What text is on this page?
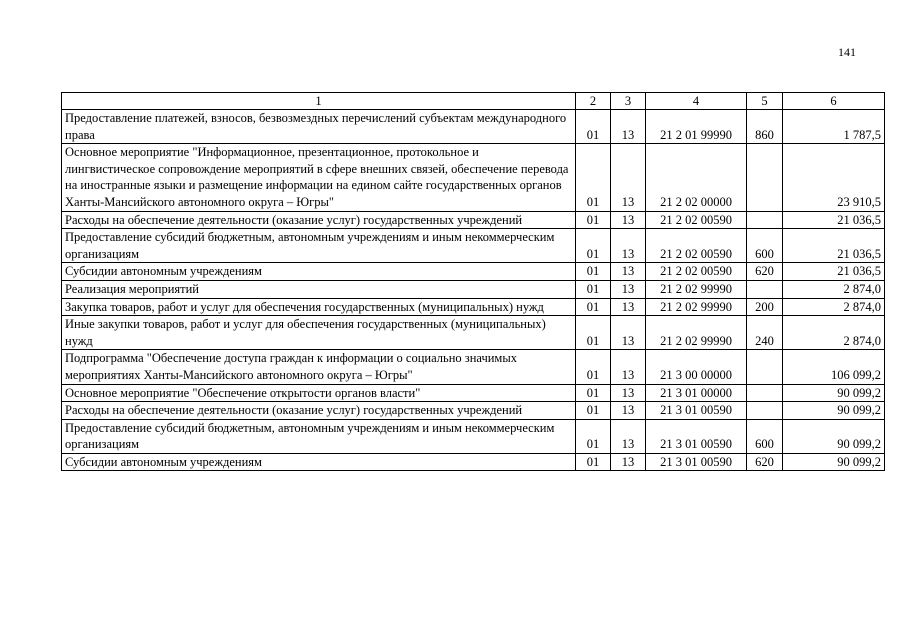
141
1	2	3	4	5	6
Предоставление платежей, взносов, безвозмездных перечислений субъектам международного права	01	13	21 2 01 99990	860	1 787,5
Основное мероприятие "Информационное, презентационное, протокольное и лингвистическое сопровождение мероприятий в сфере внешних связей, обеспечение перевода на иностранные языки и размещение информации на едином сайте государственных органов Ханты-Мансийского автономного округа – Югры"	01	13	21 2 02 00000		23 910,5
Расходы на обеспечение деятельности (оказание услуг) государственных учреждений	01	13	21 2 02 00590		21 036,5
Предоставление субсидий бюджетным, автономным учреждениям и иным некоммерческим организациям	01	13	21 2 02 00590	600	21 036,5
Субсидии автономным учреждениям	01	13	21 2 02 00590	620	21 036,5
Реализация мероприятий	01	13	21 2 02 99990		2 874,0
Закупка товаров, работ и услуг для обеспечения государственных (муниципальных) нужд	01	13	21 2 02 99990	200	2 874,0
Иные закупки товаров, работ и услуг для обеспечения государственных (муниципальных) нужд	01	13	21 2 02 99990	240	2 874,0
Подпрограмма "Обеспечение доступа граждан к информации о социально значимых мероприятиях Ханты-Мансийского автономного округа – Югры"	01	13	21 3 00 00000		106 099,2
Основное мероприятие "Обеспечение открытости органов власти"	01	13	21 3 01 00000		90 099,2
Расходы на обеспечение деятельности (оказание услуг) государственных учреждений	01	13	21 3 01 00590		90 099,2
Предоставление субсидий бюджетным, автономным учреждениям и иным некоммерческим организациям	01	13	21 3 01 00590	600	90 099,2
Субсидии автономным учреждениям	01	13	21 3 01 00590	620	90 099,2
